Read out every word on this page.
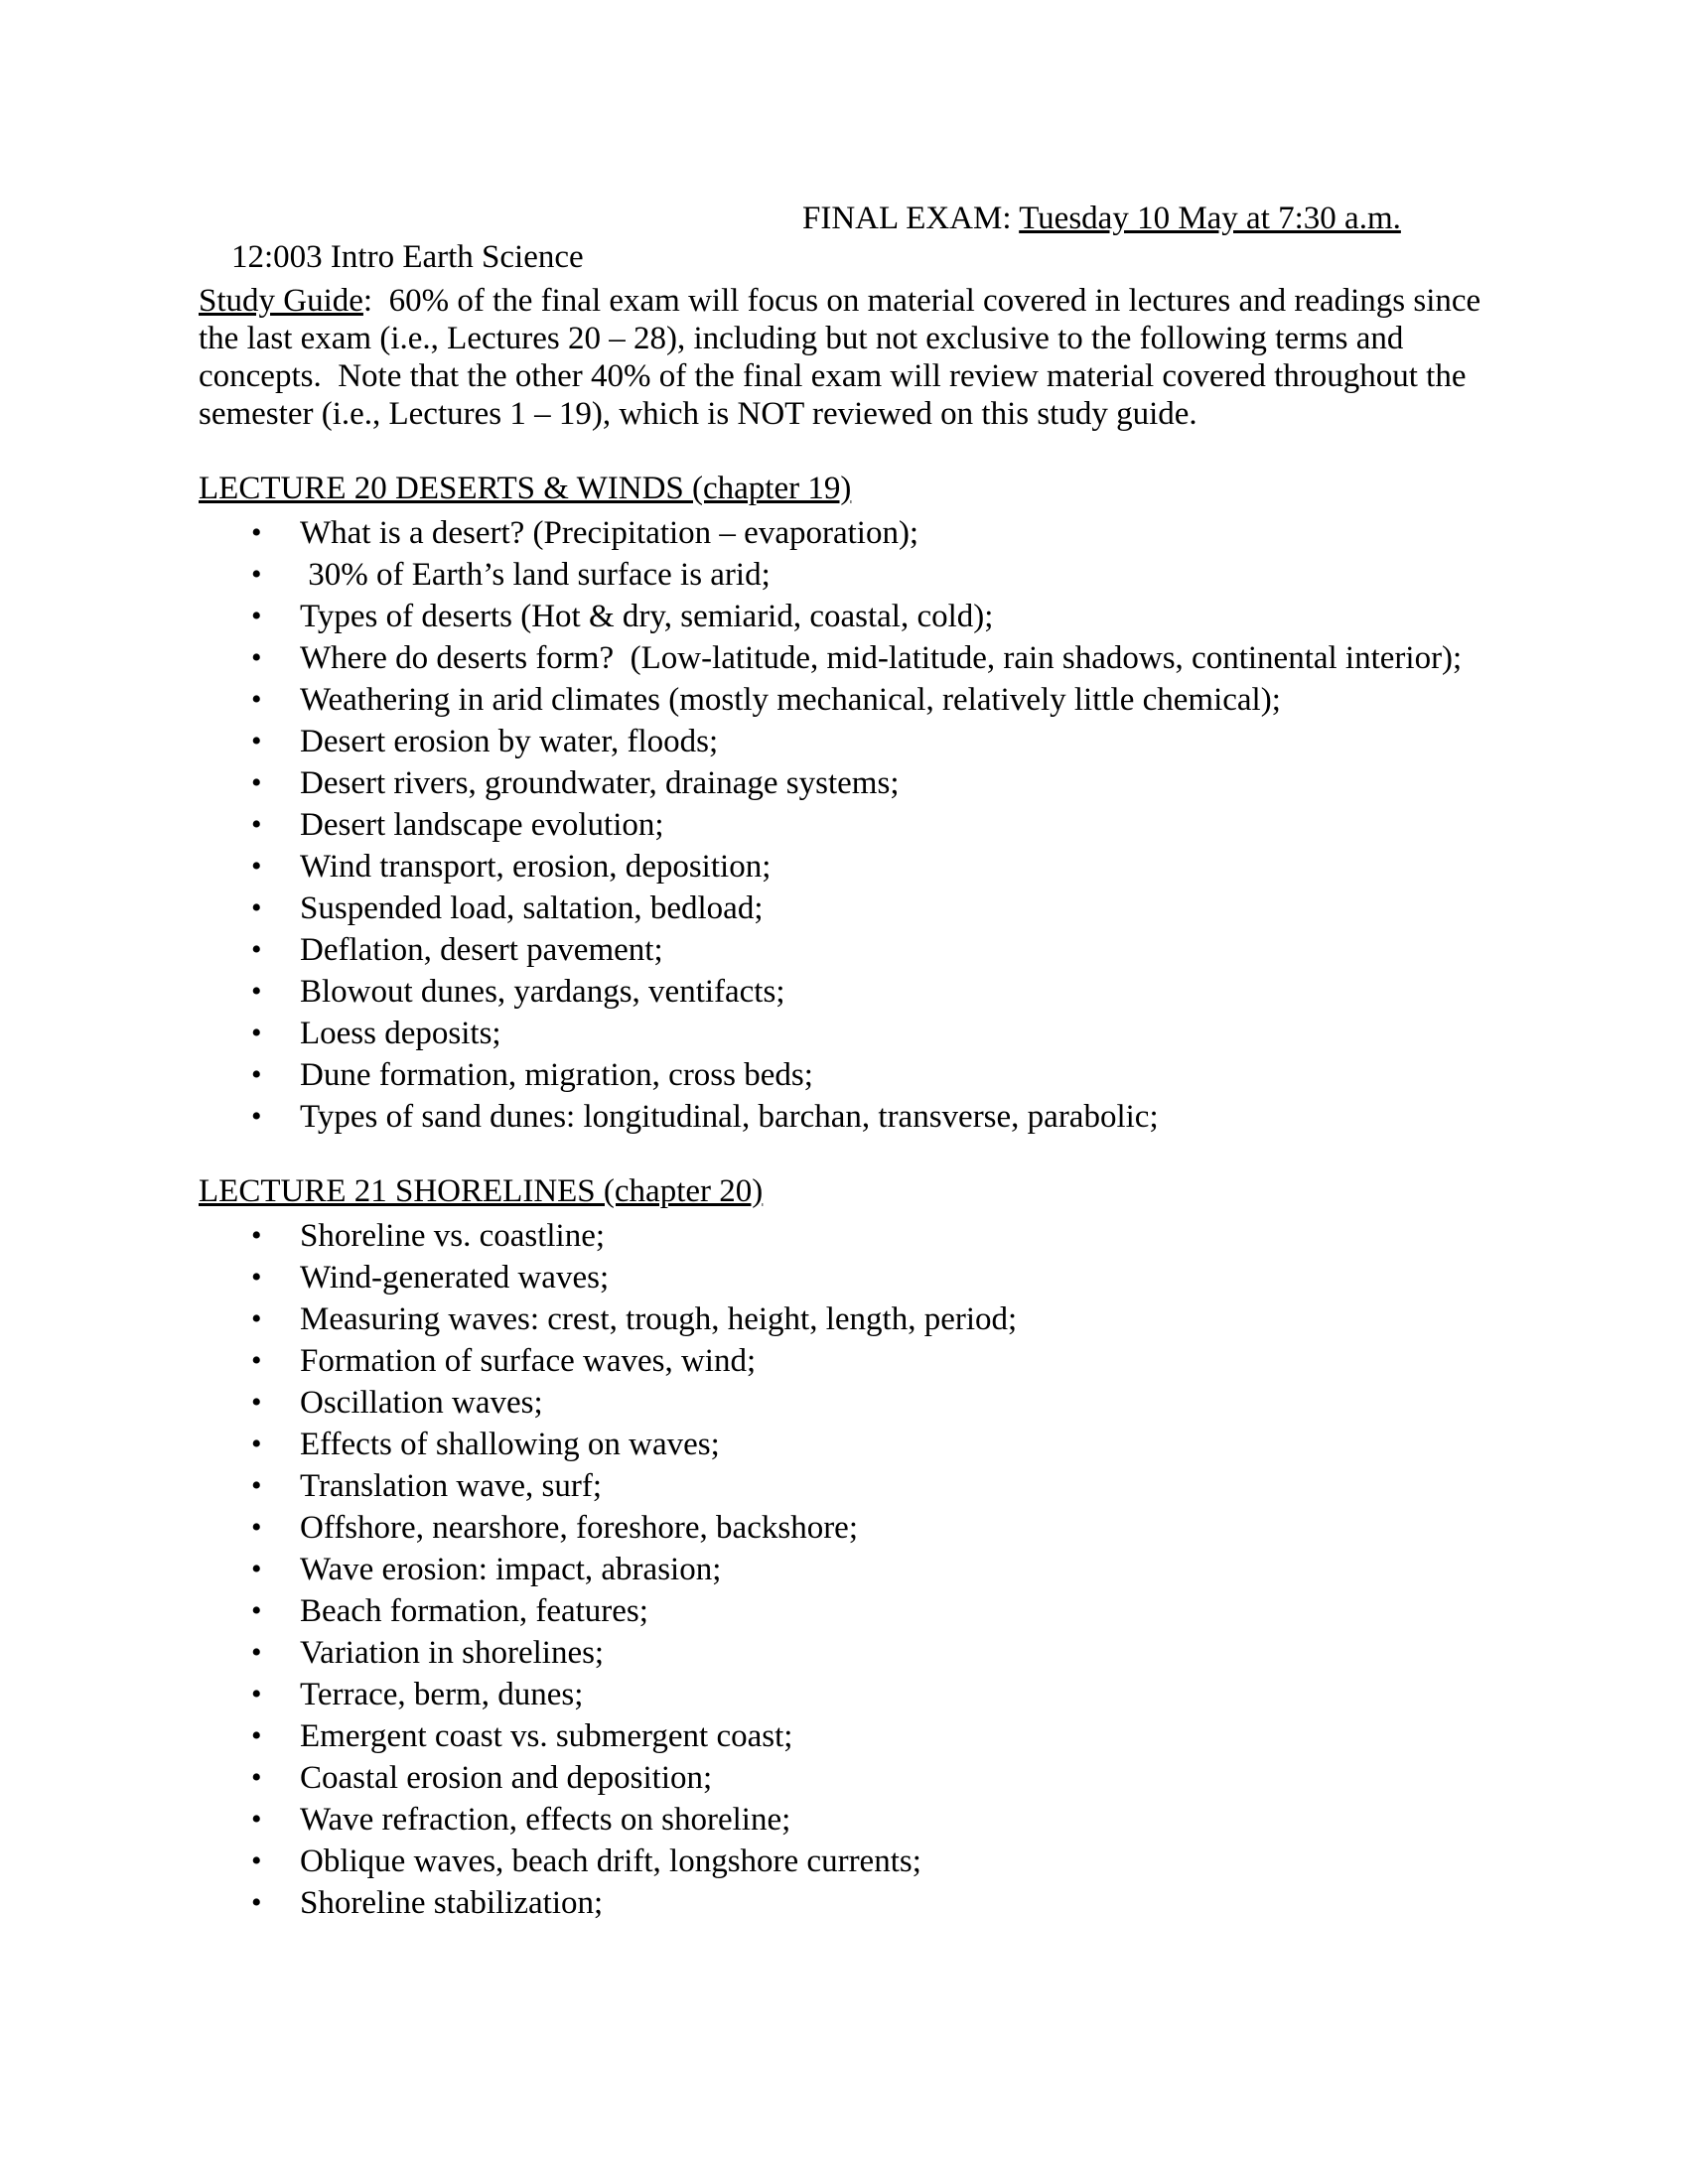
12:003 Intro Earth Science

FINAL EXAM: Tuesday 10 May at 7:30 a.m.

Study Guide:  60% of the final exam will focus on material covered in lectures and readings since the last exam (i.e., Lectures 20 – 28), including but not exclusive to the following terms and concepts.  Note that the other 40% of the final exam will review material covered throughout the semester (i.e., Lectures 1 – 19), which is NOT reviewed on this study guide.

LECTURE 20 DESERTS & WINDS (chapter 19)
• What is a desert? (Precipitation – evaporation);
• 30% of Earth’s land surface is arid;
• Types of deserts (Hot & dry, semiarid, coastal, cold);
• Where do deserts form?  (Low-latitude, mid-latitude, rain shadows, continental interior);
• Weathering in arid climates (mostly mechanical, relatively little chemical);
• Desert erosion by water, floods;
• Desert rivers, groundwater, drainage systems;
• Desert landscape evolution;
• Wind transport, erosion, deposition;
• Suspended load, saltation, bedload;
• Deflation, desert pavement;
• Blowout dunes, yardangs, ventifacts;
• Loess deposits;
• Dune formation, migration, cross beds;
• Types of sand dunes: longitudinal, barchan, transverse, parabolic;
LECTURE 21 SHORELINES (chapter 20)
• Shoreline vs. coastline;
• Wind-generated waves;
• Measuring waves: crest, trough, height, length, period;
• Formation of surface waves, wind;
• Oscillation waves;
• Effects of shallowing on waves;
• Translation wave, surf;
• Offshore, nearshore, foreshore, backshore;
• Wave erosion: impact, abrasion;
• Beach formation, features;
• Variation in shorelines;
• Terrace, berm, dunes;
• Emergent coast vs. submergent coast;
• Coastal erosion and deposition;
• Wave refraction, effects on shoreline;
• Oblique waves, beach drift, longshore currents;
• Shoreline stabilization;
